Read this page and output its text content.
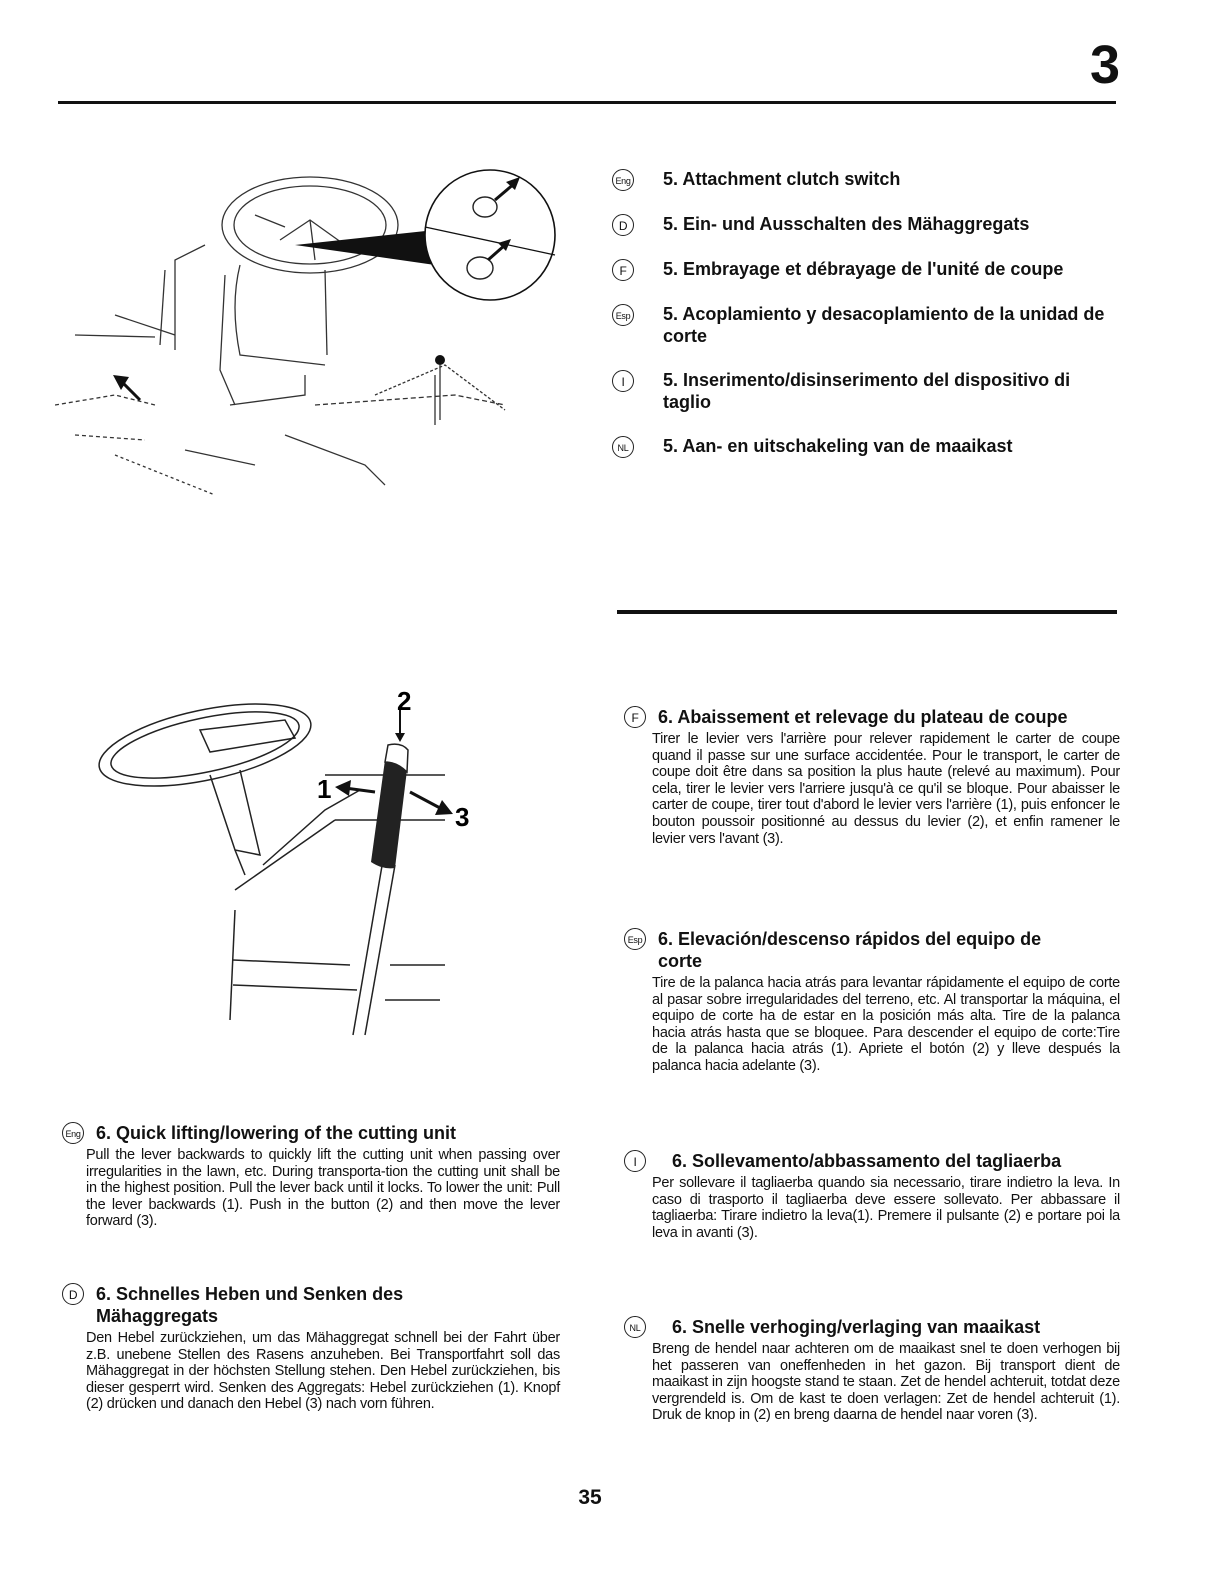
3
Eng 5. Attachment clutch switch
D	5. Ein- und Ausschalten des Mähaggregats
F	5. Embrayage et débrayage de l'unité de coupe
Esp 5. Acoplamiento y desacoplamiento de la unidad de corte
I	5. Inserimento/disinserimento del dispositivo di taglio
NL	5. Aan- en uitschakeling van de maaikast
2
1
3
Eng 6. Quick lifting/lowering of the cutting unit
Pull the lever backwards to quickly lift the cutting unit when passing over irregularities in the lawn, etc. During transporta-tion the cutting unit shall be in the highest position. Pull the lever back until it locks. To lower the unit: Pull the lever backwards (1). Push in the button (2) and then move the lever forward (3).
D	6. Schnelles Heben und Senken des Mähaggregats
Den Hebel zurückziehen, um das Mähaggregat schnell bei der Fahrt über z.B. unebene Stellen des Rasens anzuheben. Bei Transportfahrt soll das Mähaggregat in der höchsten Stellung stehen. Den Hebel zurückziehen, bis dieser gesperrt wird. Senken des Aggregats: Hebel zurückziehen (1). Knopf (2) drücken und danach den Hebel (3) nach vorn führen.
F	6. Abaissement et relevage du plateau de coupe
Tirer le levier vers l'arrière pour relever rapidement le carter de coupe quand il passe sur une surface accidentée. Pour le transport, le carter de coupe doit être dans sa position la plus haute (relevé au maximum). Pour cela, tirer le levier vers l'arriere jusqu'à ce qu'il se bloque. Pour abaisser le carter de coupe, tirer tout d'abord le levier vers l'arrière (1), puis enfoncer le bouton poussoir positionné au dessus du levier (2), et enfin ramener le levier vers l'avant (3).
Esp 6. Elevación/descenso rápidos del equipo de corte
Tire de la palanca hacia atrás para levantar rápidamente el equipo de corte al pasar sobre irregularidades del terreno, etc. Al transportar la máquina, el equipo de corte ha de estar en la posición más alta. Tire de la palanca hacia atrás hasta que se bloquee. Para descender el equipo de corte:Tire de la palanca hacia atrás (1). Apriete el botón (2) y lleve después la palanca hacia adelante (3).
I	6. Sollevamento/abbassamento del tagliaerba
Per sollevare il tagliaerba quando sia necessario, tirare indietro la leva. In caso di trasporto il tagliaerba deve essere sollevato. Per abbassare il tagliaerba: Tirare indietro la leva(1). Premere il pulsante (2) e portare poi la leva in avanti (3).
NL	6. Snelle verhoging/verlaging van maaikast
Breng de hendel naar achteren om de maaikast snel te doen verhogen bij het passeren van oneffenheden in het gazon. Bij transport dient de maaikast in zijn hoogste stand te staan. Zet de hendel achteruit, totdat deze vergrendeld is. Om de kast te doen verlagen: Zet de hendel achteruit (1). Druk de knop in (2) en breng daarna de hendel naar voren (3).
35
